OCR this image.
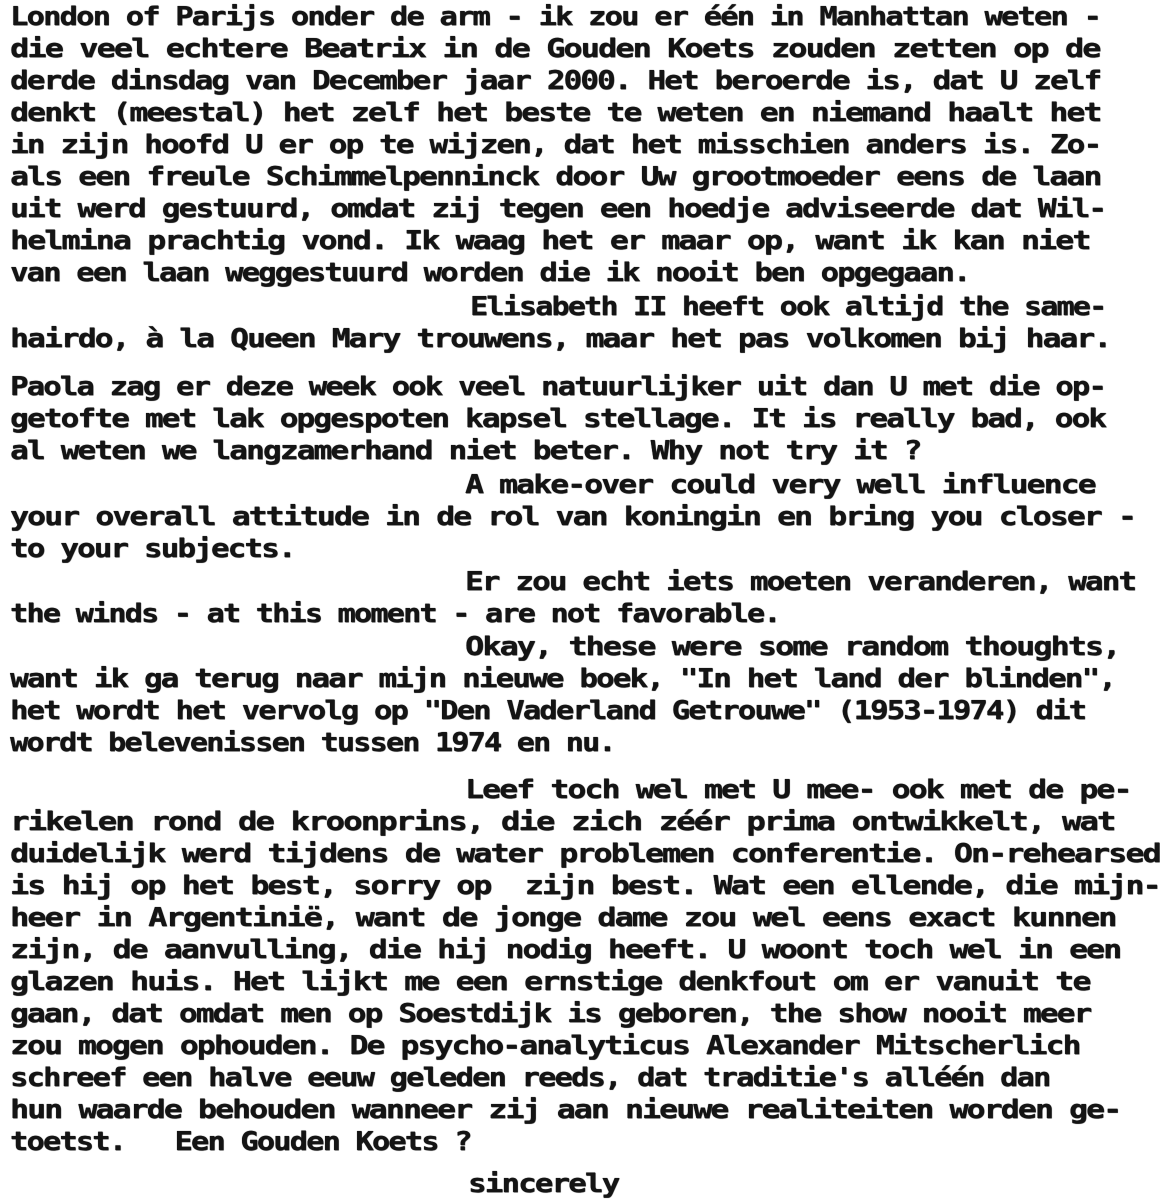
London of Parijs onder de arm - ik zou er één in Manhattan weten -
die veel echtere Beatrix in de Gouden Koets zouden zetten op de
derde dinsdag van December jaar 2000. Het beroerde is, dat U zelf
denkt (meestal) het zelf het beste te weten en niemand haalt het
in zijn hoofd U er op te wijzen, dat het misschien anders is. Zo-
als een freule Schimmelpenninck door Uw grootmoeder eens de laan
uit werd gestuurd, omdat zij tegen een hoedje adviseerde dat Wil-
helmina prachtig vond. Ik waag het er maar op, want ik kan niet
van een laan weggestuurd worden die ik nooit ben opgegaan.
Elisabeth II heeft ook altijd the same-
hairdo, à la Queen Mary trouwens, maar het pas volkomen bij haar.
Paola zag er deze week ook veel natuurlijker uit dan U met die op-
getofte met lak opgespoten kapsel stellage. It is really bad, ook
al weten we langzamerhand niet beter. Why not try it ?
A make-over could very well influence
your overall attitude in de rol van koningin en bring you closer -
to your subjects.
Er zou echt iets moeten veranderen, want
the winds - at this moment - are not favorable.
Okay, these were some random thoughts,
want ik ga terug naar mijn nieuwe boek, "In het land der blinden",
het wordt het vervolg op "Den Vaderland Getrouwe" (1953-1974) dit
wordt belevenissen tussen 1974 en nu.
Leef toch wel met U mee- ook met de pe-
rikelen rond de kroonprins, die zich zéér prima ontwikkelt, wat
duidelijk werd tijdens de water problemen conferentie. On-rehearsed
is hij op het best, sorry op  zijn best. Wat een ellende, die mijn-
heer in Argentinië, want de jonge dame zou wel eens exact kunnen
zijn, de aanvulling, die hij nodig heeft. U woont toch wel in een
glazen huis. Het lijkt me een ernstige denkfout om er vanuit te
gaan, dat omdat men op Soestdijk is geboren, the show nooit meer
zou mogen ophouden. De psycho-analyticus Alexander Mitscherlich
schreef een halve eeuw geleden reeds, dat traditie's alléén dan
hun waarde behouden wanneer zij aan nieuwe realiteiten worden ge-
toetst.   Een Gouden Koets ?
sincerely
